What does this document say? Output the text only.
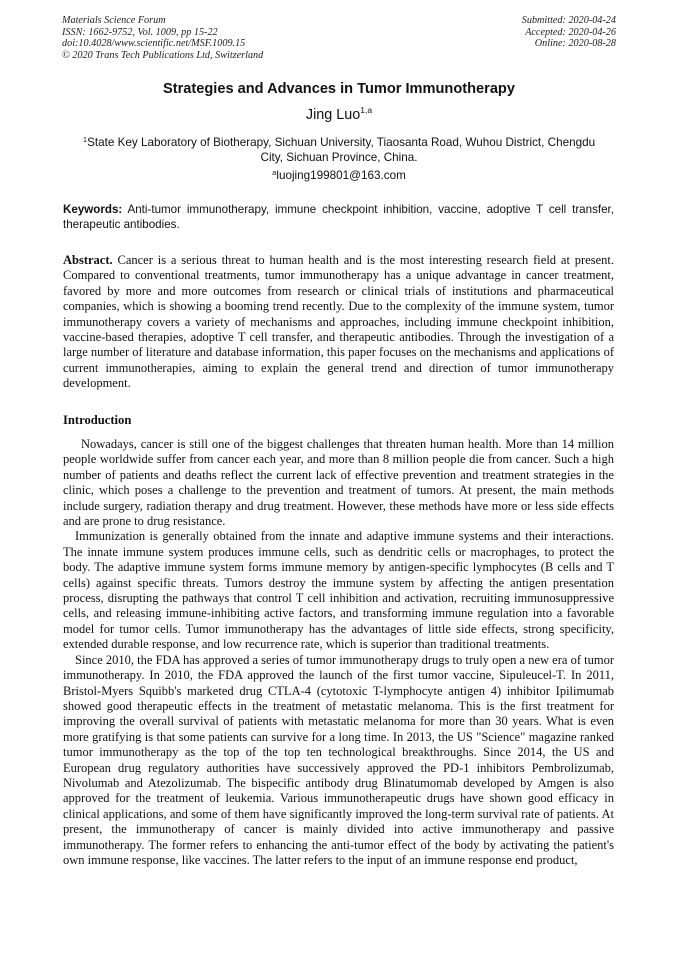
Materials Science Forum
ISSN: 1662-9752, Vol. 1009, pp 15-22
doi:10.4028/www.scientific.net/MSF.1009.15
© 2020 Trans Tech Publications Ltd, Switzerland
Submitted: 2020-04-24
Accepted: 2020-04-26
Online: 2020-08-28
Strategies and Advances in Tumor Immunotherapy
Jing Luo$^{1,a}$
$^1$State Key Laboratory of Biotherapy, Sichuan University, Tiaosanta Road, Wuhou District, Chengdu City, Sichuan Province, China.
$^a$luojing199801@163.com
Keywords: Anti-tumor immunotherapy, immune checkpoint inhibition, vaccine, adoptive T cell transfer, therapeutic antibodies.
Abstract. Cancer is a serious threat to human health and is the most interesting research field at present. Compared to conventional treatments, tumor immunotherapy has a unique advantage in cancer treatment, favored by more and more outcomes from research or clinical trials of institutions and pharmaceutical companies, which is showing a booming trend recently. Due to the complexity of the immune system, tumor immunotherapy covers a variety of mechanisms and approaches, including immune checkpoint inhibition, vaccine-based therapies, adoptive T cell transfer, and therapeutic antibodies. Through the investigation of a large number of literature and database information, this paper focuses on the mechanisms and applications of current immunotherapies, aiming to explain the general trend and direction of tumor immunotherapy development.
Introduction

Nowadays, cancer is still one of the biggest challenges that threaten human health. More than 14 million people worldwide suffer from cancer each year, and more than 8 million people die from cancer. Such a high number of patients and deaths reflect the current lack of effective prevention and treatment strategies in the clinic, which poses a challenge to the prevention and treatment of tumors. At present, the main methods include surgery, radiation therapy and drug treatment. However, these methods have more or less side effects and are prone to drug resistance.

Immunization is generally obtained from the innate and adaptive immune systems and their interactions. The innate immune system produces immune cells, such as dendritic cells or macrophages, to protect the body. The adaptive immune system forms immune memory by antigen-specific lymphocytes (B cells and T cells) against specific threats. Tumors destroy the immune system by affecting the antigen presentation process, disrupting the pathways that control T cell inhibition and activation, recruiting immunosuppressive cells, and releasing immune-inhibiting active factors, and transforming immune regulation into a favorable model for tumor cells. Tumor immunotherapy has the advantages of little side effects, strong specificity, extended durable response, and low recurrence rate, which is superior than traditional treatments.

Since 2010, the FDA has approved a series of tumor immunotherapy drugs to truly open a new era of tumor immunotherapy. In 2010, the FDA approved the launch of the first tumor vaccine, Sipuleucel-T. In 2011, Bristol-Myers Squibb's marketed drug CTLA-4 (cytotoxic T-lymphocyte antigen 4) inhibitor Ipilimumab showed good therapeutic effects in the treatment of metastatic melanoma. This is the first treatment for improving the overall survival of patients with metastatic melanoma for more than 30 years. What is even more gratifying is that some patients can survive for a long time. In 2013, the US "Science" magazine ranked tumor immunotherapy as the top of the top ten technological breakthroughs. Since 2014, the US and European drug regulatory authorities have successively approved the PD-1 inhibitors Pembrolizumab, Nivolumab and Atezolizumab. The bispecific antibody drug Blinatumomab developed by Amgen is also approved for the treatment of leukemia. Various immunotherapeutic drugs have shown good efficacy in clinical applications, and some of them have significantly improved the long-term survival rate of patients. At present, the immunotherapy of cancer is mainly divided into active immunotherapy and passive immunotherapy. The former refers to enhancing the anti-tumor effect of the body by activating the patient's own immune response, like vaccines. The latter refers to the input of an immune response end product,
